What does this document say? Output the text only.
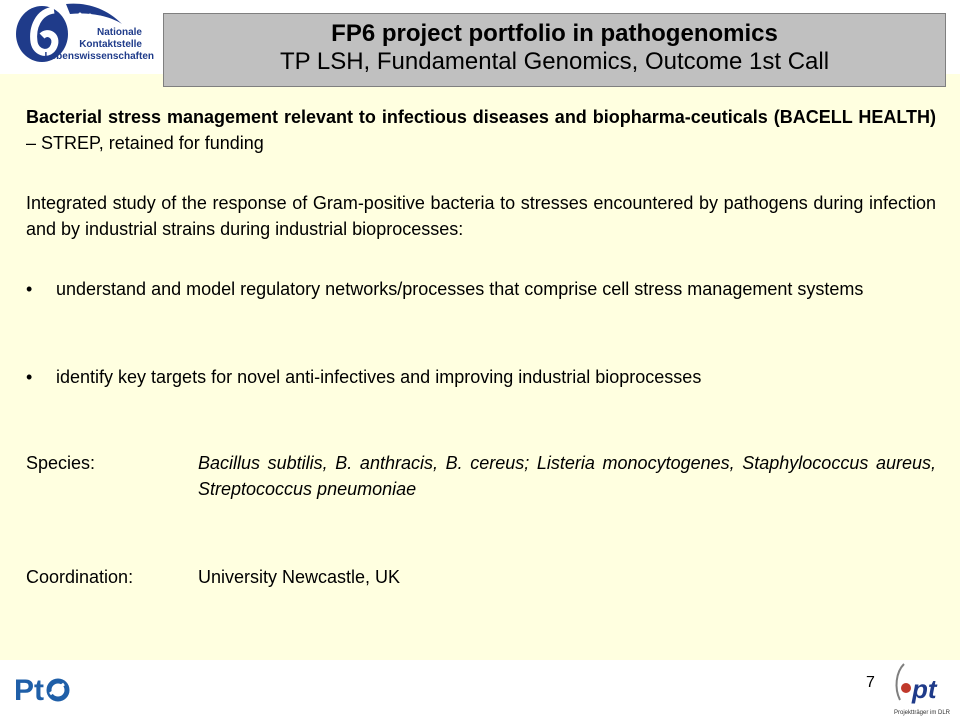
Nationale
Kontaktstelle
Lebenswissenschaften
FP6 project portfolio in pathogenomics
TP LSH, Fundamental Genomics, Outcome 1st Call

Bacterial stress management relevant to infectious diseases and biopharma-ceuticals (BACELL HEALTH) – STREP, retained for funding

Integrated study of the response of Gram-positive bacteria to stresses encountered by pathogens during infection and by industrial strains during industrial bioprocesses:

• understand and model regulatory networks/processes that comprise cell stress management systems
• identify key targets for novel anti-infectives and improving industrial bioprocesses
Species:	Bacillus subtilis, B. anthracis, B. cereus; Listeria monocytogenes, Staphylococcus aureus, Streptococcus pneumoniae
Coordination:	University Newcastle, UK
Pt	7 pt
Projektträger im DLR
